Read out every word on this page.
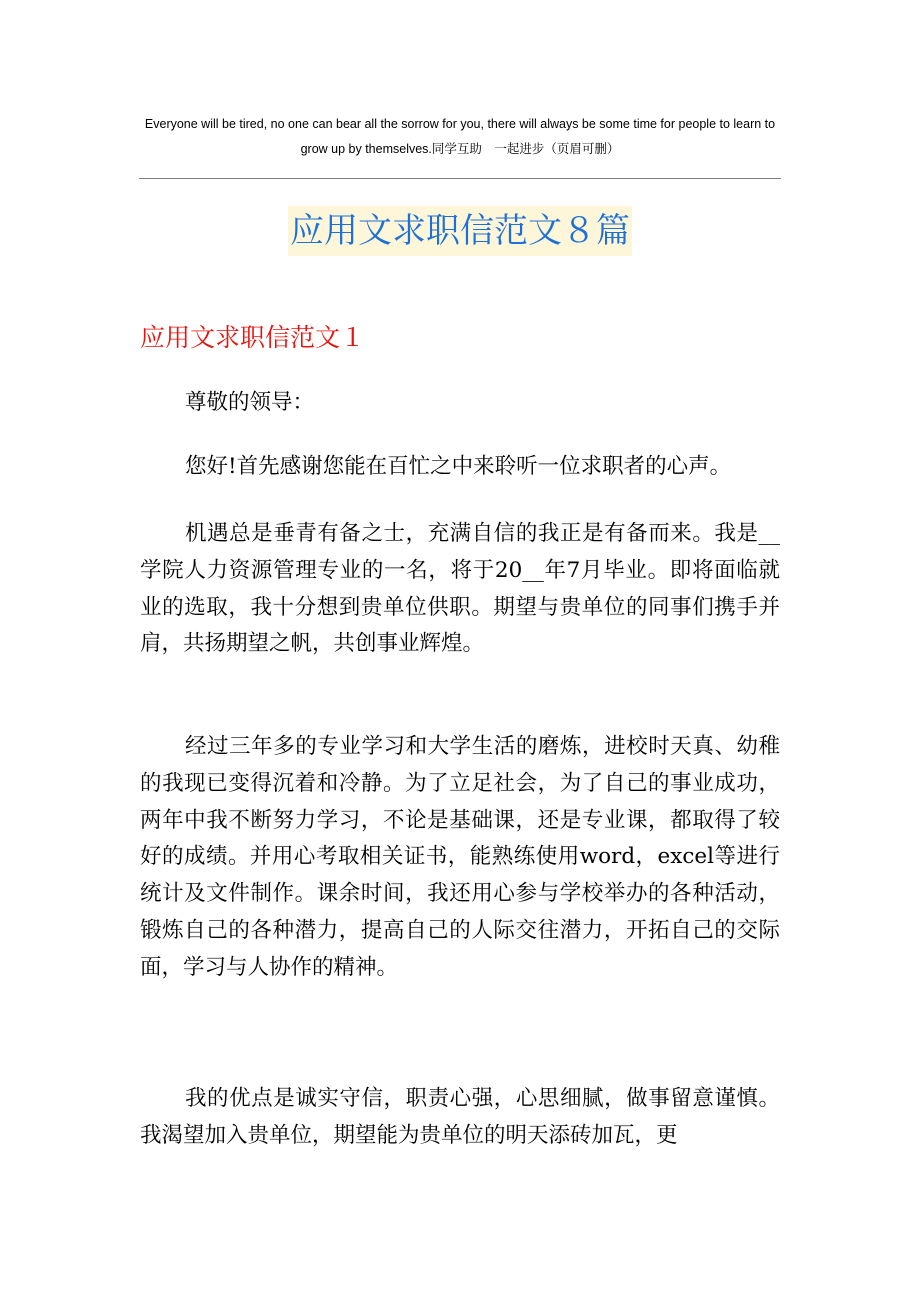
Everyone will be tired, no one can bear all the sorrow for you, there will always be some time for people to learn to grow up by themselves.同学互助　一起进步（页眉可删）
应用文求职信范文８篇
应用文求职信范文１
尊敬的领导：
您好!首先感谢您能在百忙之中来聆听一位求职者的心声。
机遇总是垂青有备之士，充满自信的我正是有备而来。我是__学院人力资源管理专业的一名，将于20__年7月毕业。即将面临就业的选取，我十分想到贵单位供职。期望与贵单位的同事们携手并肩，共扬期望之帆，共创事业辉煌。
经过三年多的专业学习和大学生活的磨炼，进校时天真、幼稚的我现已变得沉着和冷静。为了立足社会，为了自己的事业成功，两年中我不断努力学习，不论是基础课，还是专业课，都取得了较好的成绩。并用心考取相关证书，能熟练使用word，excel等进行统计及文件制作。课余时间，我还用心参与学校举办的各种活动，锻炼自己的各种潜力，提高自己的人际交往潜力，开拓自己的交际面，学习与人协作的精神。
我的优点是诚实守信，职责心强，心思细腻，做事留意谨慎。我渴望加入贵单位，期望能为贵单位的明天添砖加瓦，更
